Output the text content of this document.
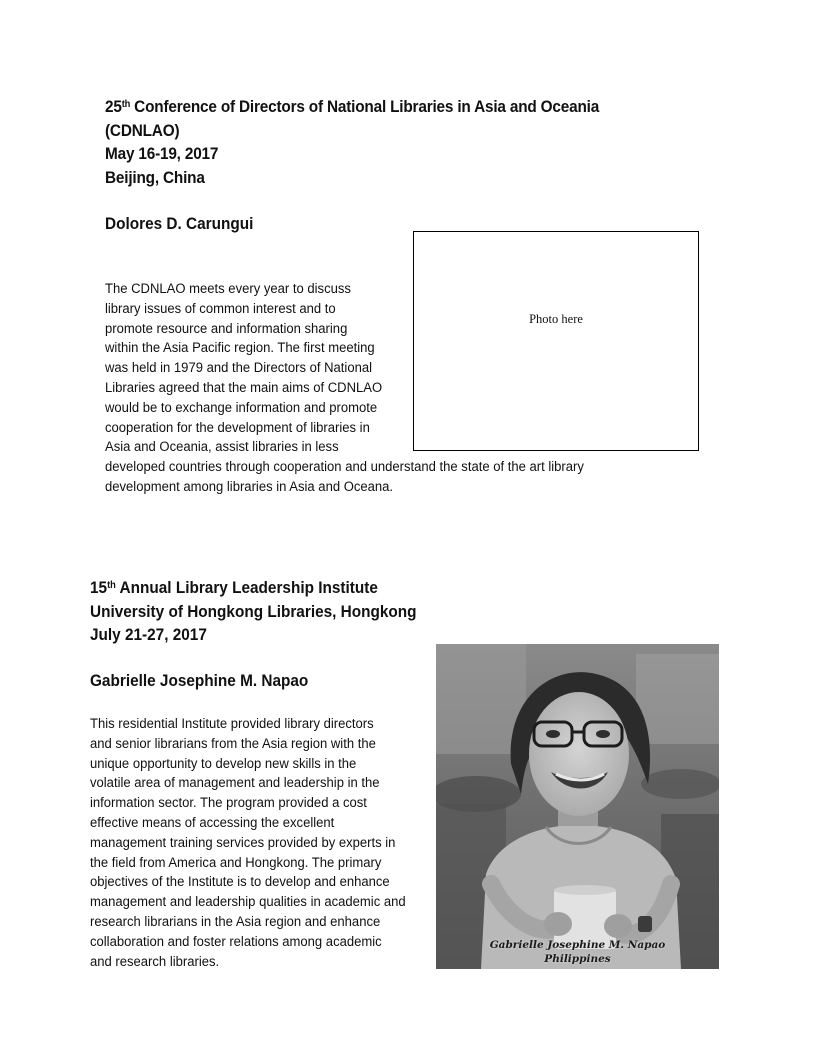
25th Conference of Directors of National Libraries in Asia and Oceania
(CDNLAO)
May 16-19, 2017
Beijing, China
Dolores D. Carungui
Photo here
The CDNLAO meets every year to discuss
library issues of common interest and to
promote resource and information sharing
within the Asia Pacific region. The first meeting
was held in 1979 and the Directors of National
Libraries agreed that the main aims of CDNLAO
would be to exchange information and promote
cooperation for the development of libraries in
Asia and Oceania, assist libraries in less
developed countries through cooperation and understand the state of the art library
development among libraries in Asia and Oceana.
15th Annual Library Leadership Institute
University of Hongkong Libraries, Hongkong
July 21-27, 2017
Gabrielle Josephine M. Napao
This residential Institute provided library directors
and senior librarians from the Asia region with the
unique opportunity to develop new skills in the
volatile area of management and leadership in the
information sector. The program provided a cost
effective means of accessing the excellent
management training services provided by experts in
the field from America and Hongkong. The primary
objectives of the Institute is to develop and enhance
management and leadership qualities in academic and
research librarians in the Asia region and enhance
collaboration and foster relations among academic
and research libraries.
Gabrielle Josephine M. Napao
Philippines
